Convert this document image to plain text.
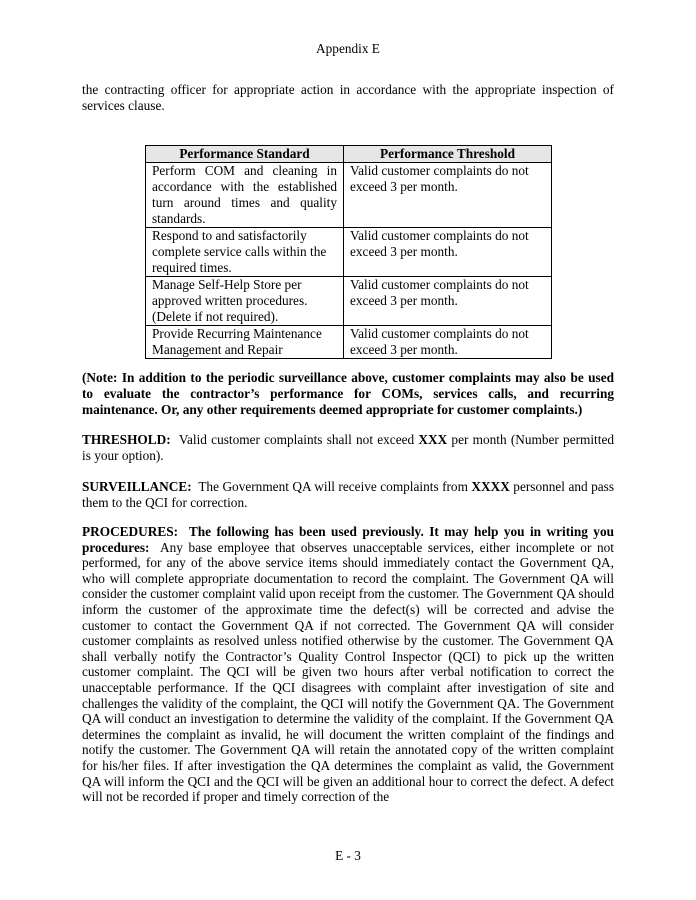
Appendix E
the contracting officer for appropriate action in accordance with the appropriate inspection of services clause.
Performance Standard	Performance Threshold
Perform COM and cleaning in accordance with the established turn around times and quality standards.	Valid customer complaints do not exceed 3 per month.
Respond to and satisfactorily complete service calls within the required times.	Valid customer complaints do not exceed 3 per month.
Manage Self-Help Store per approved written procedures. (Delete if not required).	Valid customer complaints do not exceed 3 per month.
Provide Recurring Maintenance Management and Repair	Valid customer complaints do not exceed 3 per month.
(Note: In addition to the periodic surveillance above, customer complaints may also be used to evaluate the contractor’s performance for COMs, services calls, and recurring maintenance. Or, any other requirements deemed appropriate for customer complaints.)
THRESHOLD: Valid customer complaints shall not exceed XXX per month (Number permitted is your option).
SURVEILLANCE: The Government QA will receive complaints from XXXX personnel and pass them to the QCI for correction.
PROCEDURES: The following has been used previously. It may help you in writing you procedures: Any base employee that observes unacceptable services, either incomplete or not performed, for any of the above service items should immediately contact the Government QA, who will complete appropriate documentation to record the complaint. The Government QA will consider the customer complaint valid upon receipt from the customer. The Government QA should inform the customer of the approximate time the defect(s) will be corrected and advise the customer to contact the Government QA if not corrected. The Government QA will consider customer complaints as resolved unless notified otherwise by the customer. The Government QA shall verbally notify the Contractor’s Quality Control Inspector (QCI) to pick up the written customer complaint. The QCI will be given two hours after verbal notification to correct the unacceptable performance. If the QCI disagrees with complaint after investigation of site and challenges the validity of the complaint, the QCI will notify the Government QA. The Government QA will conduct an investigation to determine the validity of the complaint. If the Government QA determines the complaint as invalid, he will document the written complaint of the findings and notify the customer. The Government QA will retain the annotated copy of the written complaint for his/her files. If after investigation the QA determines the complaint as valid, the Government QA will inform the QCI and the QCI will be given an additional hour to correct the defect. A defect will not be recorded if proper and timely correction of the
E - 3
